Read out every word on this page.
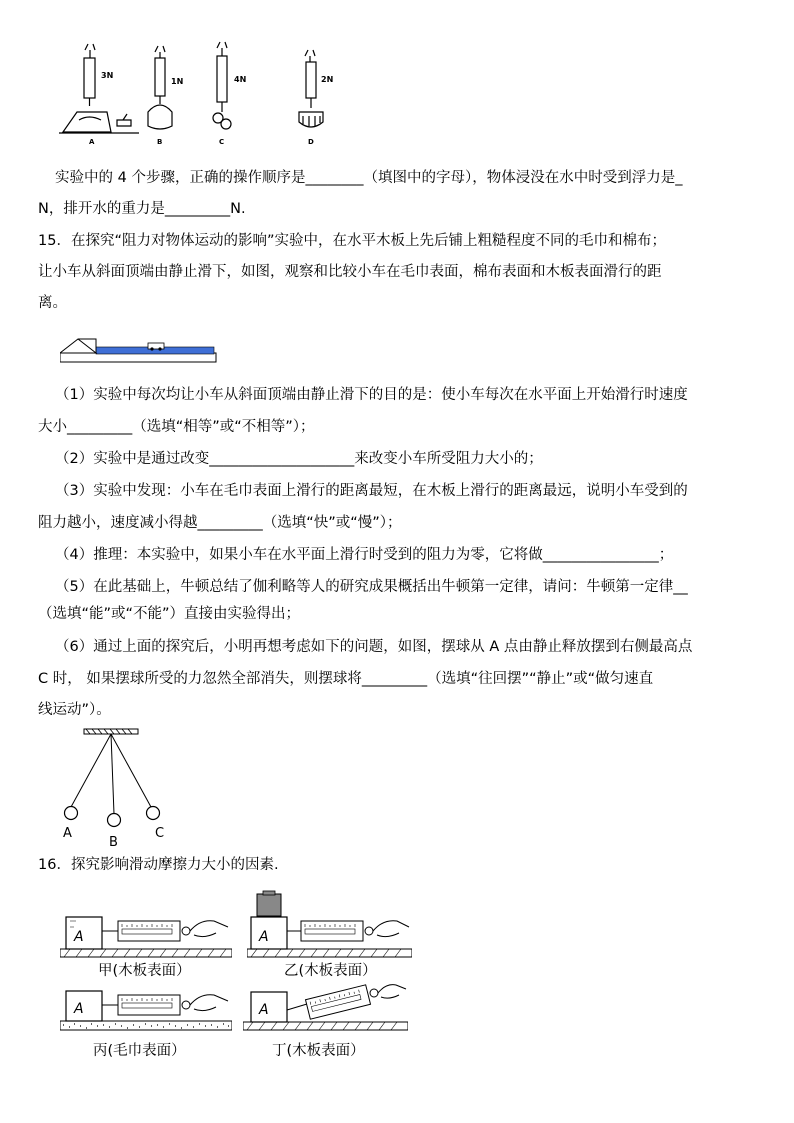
3N
1N	4N	2N
A	B	C	D
实验中的 4 个步骤，正确的操作顺序是________（填图中的字母），物体浸没在水中时受到浮力是_
N，排开水的重力是_________N.
15．在探究“阻力对物体运动的影响”实验中，在水平木板上先后铺上粗糙程度不同的毛巾和棉布；
让小车从斜面顶端由静止滑下，如图，观察和比较小车在毛巾表面，棉布表面和木板表面滑行的距
离。
（1）实验中每次均让小车从斜面顶端由静止滑下的目的是：使小车每次在水平面上开始滑行时速度
大小_________（选填“相等”或“不相等”）；
（2）实验中是通过改变____________________来改变小车所受阻力大小的；
（3）实验中发现：小车在毛巾表面上滑行的距离最短，在木板上滑行的距离最远，说明小车受到的
阻力越小，速度减小得越_________（选填“快”或“慢”）；
（4）推理：本实验中，如果小车在水平面上滑行时受到的阻力为零，它将做________________；
（5）在此基础上，牛顿总结了伽利略等人的研究成果概括出牛顿第一定律，请问：牛顿第一定律__
（选填“能”或“不能”）直接由实验得出；
（6）通过上面的探究后，小明再想考虑如下的问题，如图，摆球从 A 点由静止释放摆到右侧最高点
C 时， 如果摆球所受的力忽然全部消失，则摆球将_________（选填“往回摆”“静止”或“做匀速直
线运动”）。
A
B
C
16．探究影响滑动摩擦力大小的因素.
A
甲(木板表面）
A
乙(木板表面）
A
丙(毛巾表面）
A
丁(木板表面）
